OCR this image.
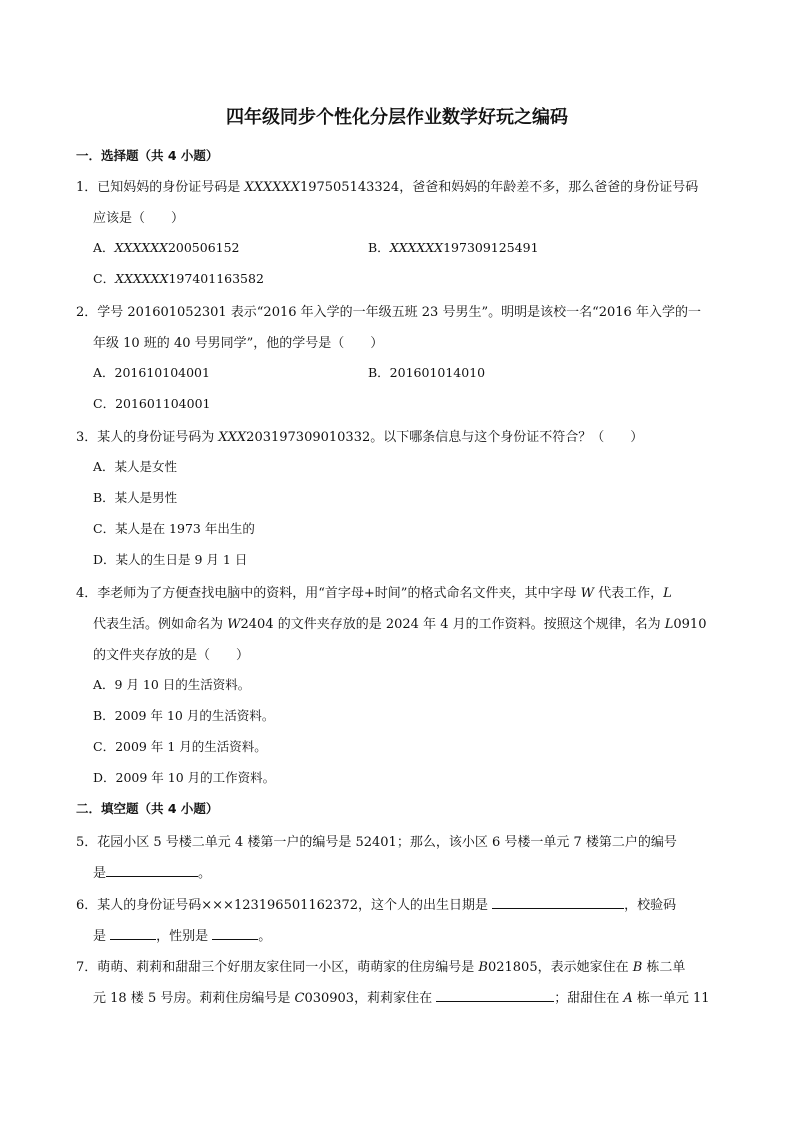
四年级同步个性化分层作业数学好玩之编码
一．选择题（共 4 小题）
1．已知妈妈的身份证号码是 XXXXXX197505143324，爸爸和妈妈的年龄差不多，那么爸爸的身份证号码
应该是（　　）
A．XXXXXX200506152	B．XXXXXX197309125491
C．XXXXXX197401163582
2．学号 201601052301 表示“2016 年入学的一年级五班 23 号男生”。明明是该校一名“2016 年入学的一
年级 10 班的 40 号男同学”，他的学号是（　　）
A．201610104001	B．201601014010
C．201601104001
3．某人的身份证号码为 XXX203197309010332。以下哪条信息与这个身份证不符合？（　　）
A．某人是女性
B．某人是男性
C．某人是在 1973 年出生的
D．某人的生日是 9 月 1 日
4．李老师为了方便查找电脑中的资料，用“首字母+时间”的格式命名文件夹，其中字母 W 代表工作，L
代表生活。例如命名为 W2404 的文件夹存放的是 2024 年 4 月的工作资料。按照这个规律，名为 L0910
的文件夹存放的是（　　）
A．9 月 10 日的生活资料。
B．2009 年 10 月的生活资料。
C．2009 年 1 月的生活资料。
D．2009 年 10 月的工作资料。
二．填空题（共 4 小题）
5．花园小区 5 号楼二单元 4 楼第一户的编号是 52401；那么，该小区 6 号楼一单元 7 楼第二户的编号
是	。
6．某人的身份证号码×××123196501162372，这个人的出生日期是	，校验码
是	，性别是	。
7．萌萌、莉莉和甜甜三个好朋友家住同一小区，萌萌家的住房编号是 B021805，表示她家住在 B 栋二单
元 18 楼 5 号房。莉莉住房编号是 C030903，莉莉家住在	；甜甜住在 A 栋一单元 11
